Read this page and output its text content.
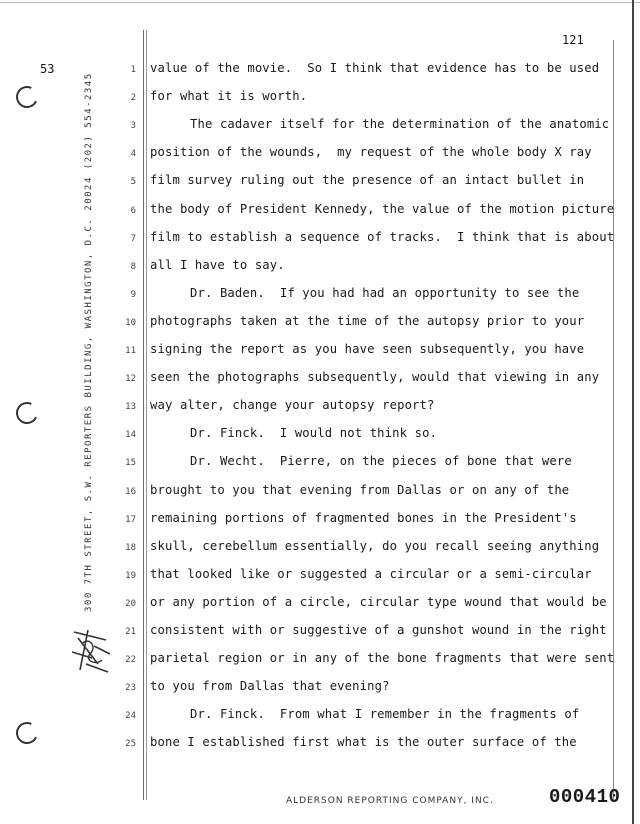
53
121
300 7TH STREET, S.W. REPORTERS BUILDING, WASHINGTON, D.C. 20024 (202) 554-2345
1
2
3
4
5
6
7
8
9
10
11
12
13
14
15
16
17
18
19
20
21
22
23
24
25
value of the movie.  So I think that evidence has to be used
for what it is worth.
The cadaver itself for the determination of the anatomic
position of the wounds,  my request of the whole body X ray
film survey ruling out the presence of an intact bullet in
the body of President Kennedy, the value of the motion picture
film to establish a sequence of tracks.  I think that is about
all I have to say.
Dr. Baden.  If you had had an opportunity to see the
photographs taken at the time of the autopsy prior to your
signing the report as you have seen subsequently, you have
seen the photographs subsequently, would that viewing in any
way alter, change your autopsy report?
Dr. Finck.  I would not think so.
Dr. Wecht.  Pierre, on the pieces of bone that were
brought to you that evening from Dallas or on any of the
remaining portions of fragmented bones in the President's
skull, cerebellum essentially, do you recall seeing anything
that looked like or suggested a circular or a semi-circular
or any portion of a circle, circular type wound that would be
consistent with or suggestive of a gunshot wound in the right
parietal region or in any of the bone fragments that were sent
to you from Dallas that evening?
Dr. Finck.  From what I remember in the fragments of
bone I established first what is the outer surface of the
ALDERSON REPORTING COMPANY, INC.	000410
